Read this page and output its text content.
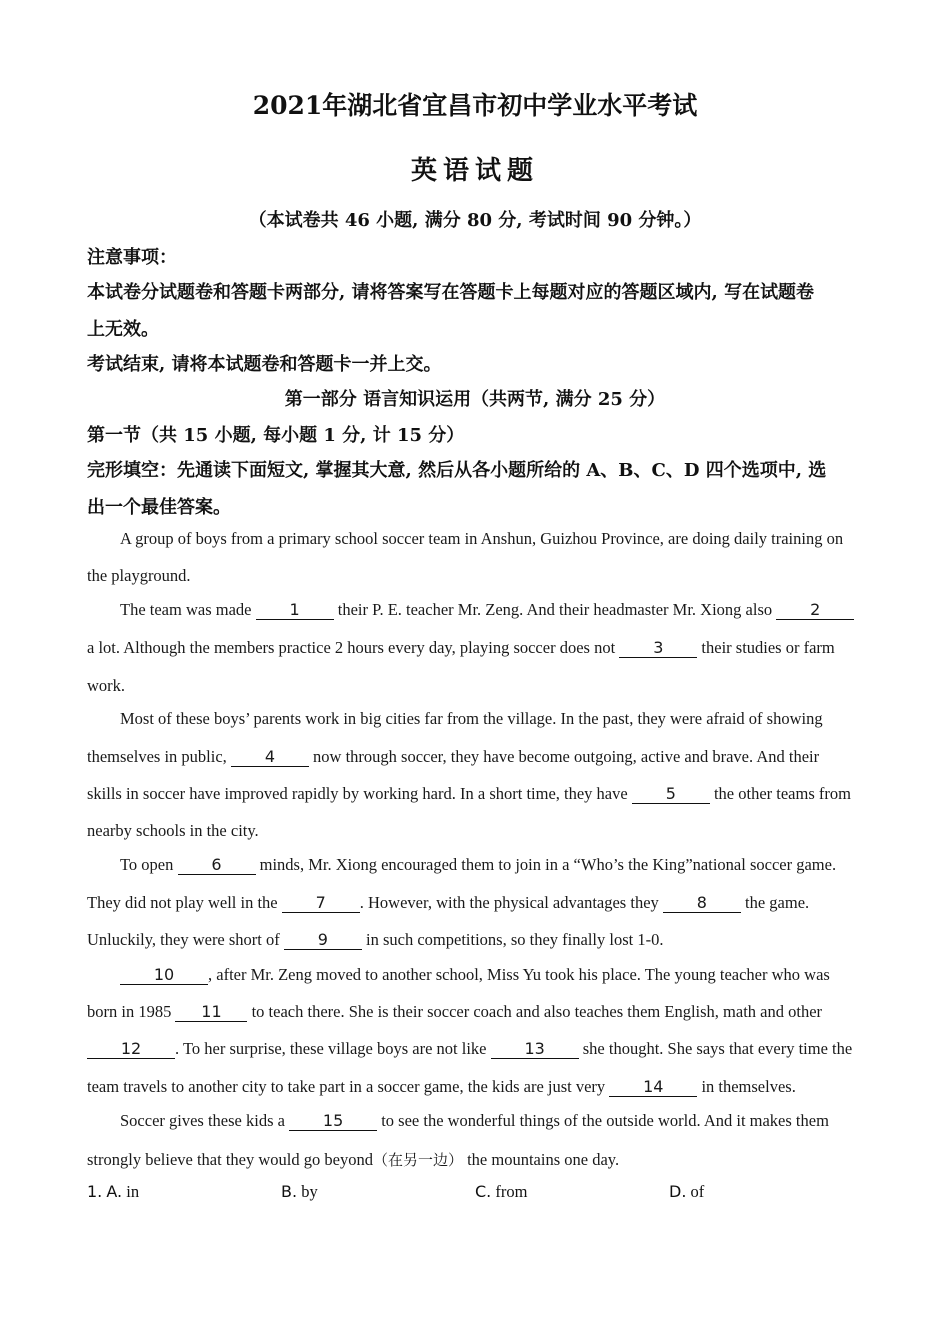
2021年湖北省宜昌市初中学业水平考试
英语试题
（本试卷共 46 小题, 满分 80 分, 考试时间 90 分钟。）
注意事项：
本试卷分试题卷和答题卡两部分, 请将答案写在答题卡上每题对应的答题区域内, 写在试题卷
上无效。
考试结束, 请将本试题卷和答题卡一并上交。
第一部分 语言知识运用（共两节, 满分 25 分）
第一节（共 15 小题, 每小题 1 分, 计 15 分）
完形填空：先通读下面短文, 掌握其大意, 然后从各小题所给的 A、B、C、D 四个选项中, 选
出一个最佳答案。
A group of boys from a primary school soccer team in Anshun, Guizhou Province, are doing daily training on
the playground.
The team was made 1 their P. E. teacher Mr. Zeng. And their headmaster Mr. Xiong also 2
a lot. Although the members practice 2 hours every day, playing soccer does not 3 their studies or farm
work.
Most of these boys’ parents work in big cities far from the village. In the past, they were afraid of showing
themselves in public, 4 now through soccer, they have become outgoing, active and brave. And their
skills in soccer have improved rapidly by working hard. In a short time, they have 5 the other teams from
nearby schools in the city.
To open 6 minds, Mr. Xiong encouraged them to join in a “Who’s the King”national soccer game.
They did not play well in the 7 . However, with the physical advantages they 8 the game.
Unluckily, they were short of 9 in such competitions, so they finally lost 1-0.
10 , after Mr. Zeng moved to another school, Miss Yu took his place. The young teacher who was
born in 1985 11 to teach there. She is their soccer coach and also teaches them English, math and other
12 . To her surprise, these village boys are not like 13 she thought. She says that every time the
team travels to another city to take part in a soccer game, the kids are just very 14 in themselves.
Soccer gives these kids a 15 to see the wonderful things of the outside world. And it makes them
strongly believe that they would go beyond（在另一边） the mountains one day.
1. A. in	B. by	C. from	D. of
